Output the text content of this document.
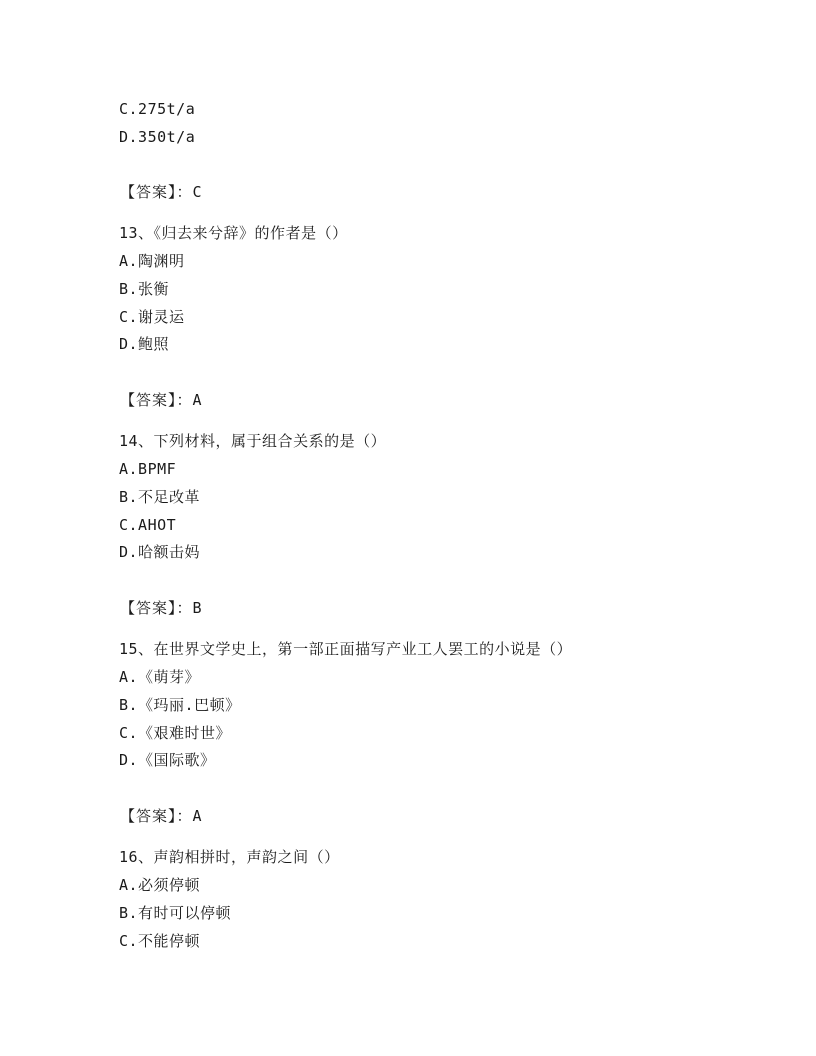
C.275t/a
D.350t/a
【答案】：C
13、《归去来兮辞》的作者是（）
A.陶渊明
B.张衡
C.谢灵运
D.鲍照
【答案】：A
14、下列材料，属于组合关系的是（）
A.BPMF
B.不足改革
C.AHOT
D.哈额击妈
【答案】：B
15、在世界文学史上，第一部正面描写产业工人罢工的小说是（）
A.《萌芽》
B.《玛丽.巴顿》
C.《艰难时世》
D.《国际歌》
【答案】：A
16、声韵相拼时，声韵之间（）
A.必须停顿
B.有时可以停顿
C.不能停顿
